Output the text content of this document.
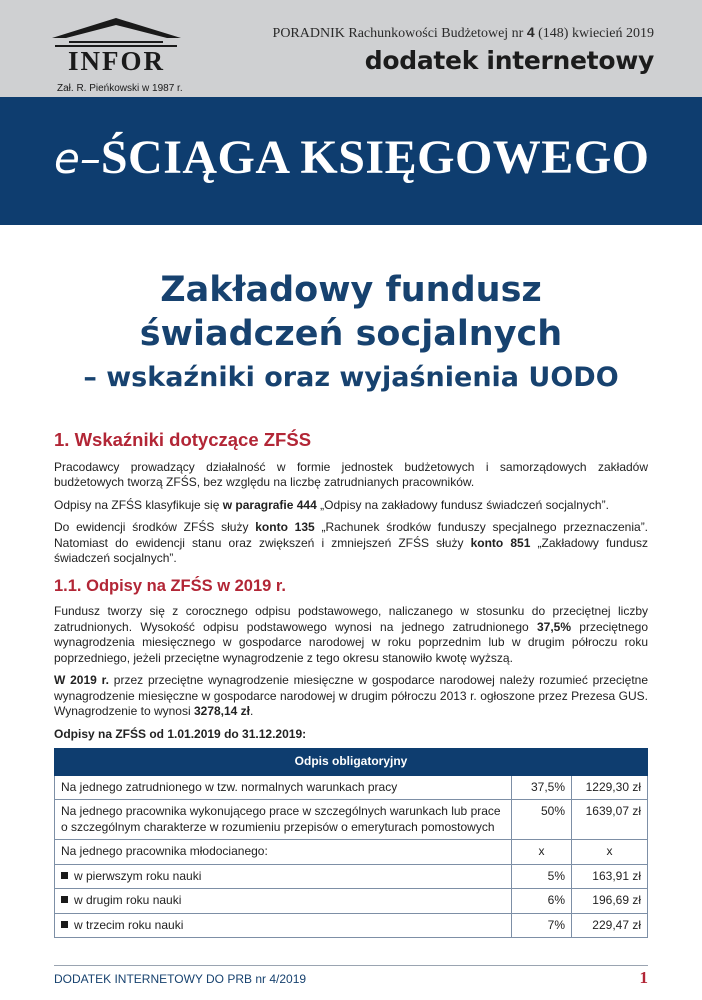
INFOR
Zał. R. Pieńkowski w 1987 r.
PORADNIK Rachunkowości Budżetowej nr 4 (148) kwiecień 2019
dodatek internetowy
e–ŚCIĄGA KSIĘGOWEGO
Zakładowy fundusz
świadczeń socjalnych
– wskaźniki oraz wyjaśnienia UODO
1. Wskaźniki dotyczące ZFŚS

Pracodawcy prowadzący działalność w formie jednostek budżetowych i samorządowych zakładów budżetowych tworzą ZFŚS, bez względu na liczbę zatrudnianych pracowników.

Odpisy na ZFŚS klasyfikuje się w paragrafie 444 „Odpisy na zakładowy fundusz świadczeń socjalnych”.

Do ewidencji środków ZFŚS służy konto 135 „Rachunek środków funduszy specjalnego przeznaczenia”. Natomiast do ewidencji stanu oraz zwiększeń i zmniejszeń ZFŚS służy konto 851 „Zakładowy fundusz świadczeń socjalnych”.

1.1. Odpisy na ZFŚS w 2019 r.

Fundusz tworzy się z corocznego odpisu podstawowego, naliczanego w stosunku do przeciętnej liczby zatrudnionych. Wysokość odpisu podstawowego wynosi na jednego zatrudnionego 37,5% przeciętnego wynagrodzenia miesięcznego w gospodarce narodowej w roku poprzednim lub w drugim półroczu roku poprzedniego, jeżeli przeciętne wynagrodzenie z tego okresu stanowiło kwotę wyższą.

W 2019 r. przez przeciętne wynagrodzenie miesięczne w gospodarce narodowej należy rozumieć przeciętne wynagrodzenie miesięczne w gospodarce narodowej w drugim półroczu 2013 r. ogłoszone przez Prezesa GUS. Wynagrodzenie to wynosi 3278,14 zł.

Odpisy na ZFŚS od 1.01.2019 do 31.12.2019:

Odpis obligatoryjny		
Na jednego zatrudnionego w tzw. normalnych warunkach pracy	37,5%	1229,30 zł
Na jednego pracownika wykonującego prace w szczególnych warunkach lub prace o szczególnym charakterze w rozumieniu przepisów o emeryturach pomostowych	50%	1639,07 zł
Na jednego pracownika młodocianego:	x	x
w pierwszym roku nauki	5%	163,91 zł
w drugim roku nauki	6%	196,69 zł
w trzecim roku nauki	7%	229,47 zł
DODATEK INTERNETOWY DO PRB nr 4/2019	1
